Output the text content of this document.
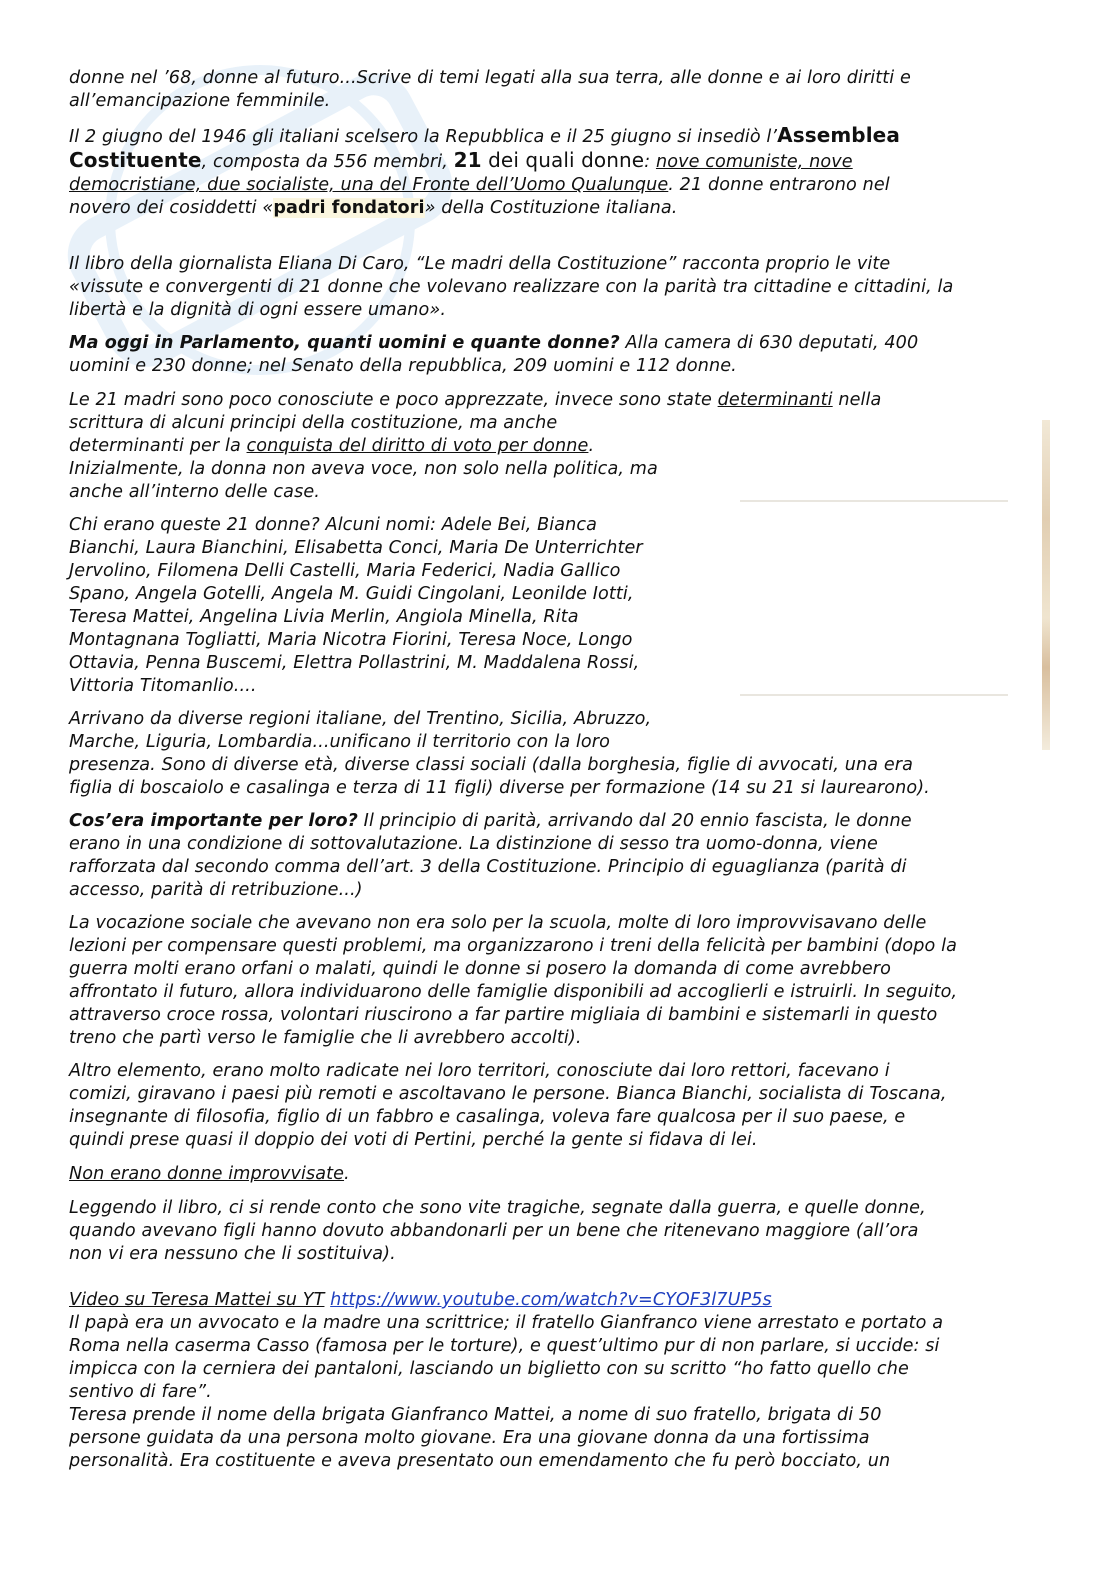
donne nel ’68, donne al futuro...Scrive di temi legati alla sua terra, alle donne e ai loro diritti e
all’emancipazione femminile.

Il 2 giugno del 1946 gli italiani scelsero la Repubblica e il 25 giugno si insediò l’Assemblea
Costituente, composta da 556 membri, 21 dei quali donne: nove comuniste, nove
democristiane, due socialiste, una del Fronte dell’Uomo Qualunque. 21 donne entrarono nel
novero dei cosiddetti «padri fondatori» della Costituzione italiana.

Il libro della giornalista Eliana Di Caro, “Le madri della Costituzione” racconta proprio le vite
«vissute e convergenti di 21 donne che volevano realizzare con la parità tra cittadine e cittadini, la
libertà e la dignità di ogni essere umano».

Ma oggi in Parlamento, quanti uomini e quante donne? Alla camera di 630 deputati, 400
uomini e 230 donne; nel Senato della repubblica, 209 uomini e 112 donne.

Le 21 madri sono poco conosciute e poco apprezzate, invece sono state determinanti nella
scrittura di alcuni principi della costituzione, ma anche
determinanti per la conquista del diritto di voto per donne.
Inizialmente, la donna non aveva voce, non solo nella politica, ma
anche all’interno delle case.

Chi erano queste 21 donne? Alcuni nomi: Adele Bei, Bianca
Bianchi, Laura Bianchini, Elisabetta Conci, Maria De Unterrichter
Jervolino, Filomena Delli Castelli, Maria Federici, Nadia Gallico
Spano, Angela Gotelli, Angela M. Guidi Cingolani, Leonilde Iotti,
Teresa Mattei, Angelina Livia Merlin, Angiola Minella, Rita
Montagnana Togliatti, Maria Nicotra Fiorini, Teresa Noce, Longo
Ottavia, Penna Buscemi, Elettra Pollastrini, M. Maddalena Rossi,
Vittoria Titomanlio....

Arrivano da diverse regioni italiane, del Trentino, Sicilia, Abruzzo,
Marche, Liguria, Lombardia...unificano il territorio con la loro
presenza. Sono di diverse età, diverse classi sociali (dalla borghesia, figlie di avvocati, una era
figlia di boscaiolo e casalinga e terza di 11 figli) diverse per formazione (14 su 21 si laurearono).

Cos’era importante per loro? Il principio di parità, arrivando dal 20 ennio fascista, le donne
erano in una condizione di sottovalutazione. La distinzione di sesso tra uomo-donna, viene
rafforzata dal secondo comma dell’art. 3 della Costituzione. Principio di eguaglianza (parità di
accesso, parità di retribuzione...)

La vocazione sociale che avevano non era solo per la scuola, molte di loro improvvisavano delle
lezioni per compensare questi problemi, ma organizzarono i treni della felicità per bambini (dopo la
guerra molti erano orfani o malati, quindi le donne si posero la domanda di come avrebbero
affrontato il futuro, allora individuarono delle famiglie disponibili ad accoglierli e istruirli. In seguito,
attraverso croce rossa, volontari riuscirono a far partire migliaia di bambini e sistemarli in questo
treno che partì verso le famiglie che li avrebbero accolti).

Altro elemento, erano molto radicate nei loro territori, conosciute dai loro rettori, facevano i
comizi, giravano i paesi più remoti e ascoltavano le persone. Bianca Bianchi, socialista di Toscana,
insegnante di filosofia, figlio di un fabbro e casalinga, voleva fare qualcosa per il suo paese, e
quindi prese quasi il doppio dei voti di Pertini, perché la gente si fidava di lei.

Non erano donne improvvisate.

Leggendo il libro, ci si rende conto che sono vite tragiche, segnate dalla guerra, e quelle donne,
quando avevano figli hanno dovuto abbandonarli per un bene che ritenevano maggiore (all’ora
non vi era nessuno che li sostituiva).

Video su Teresa Mattei su YT https://www.youtube.com/watch?v=CYOF3l7UP5s
Il papà era un avvocato e la madre una scrittrice; il fratello Gianfranco viene arrestato e portato a
Roma nella caserma Casso (famosa per le torture), e quest’ultimo pur di non parlare, si uccide: si
impicca con la cerniera dei pantaloni, lasciando un biglietto con su scritto “ho fatto quello che
sentivo di fare”.
Teresa prende il nome della brigata Gianfranco Mattei, a nome di suo fratello, brigata di 50
persone guidata da una persona molto giovane. Era una giovane donna da una fortissima
personalità. Era costituente e aveva presentato oun emendamento che fu però bocciato, un
